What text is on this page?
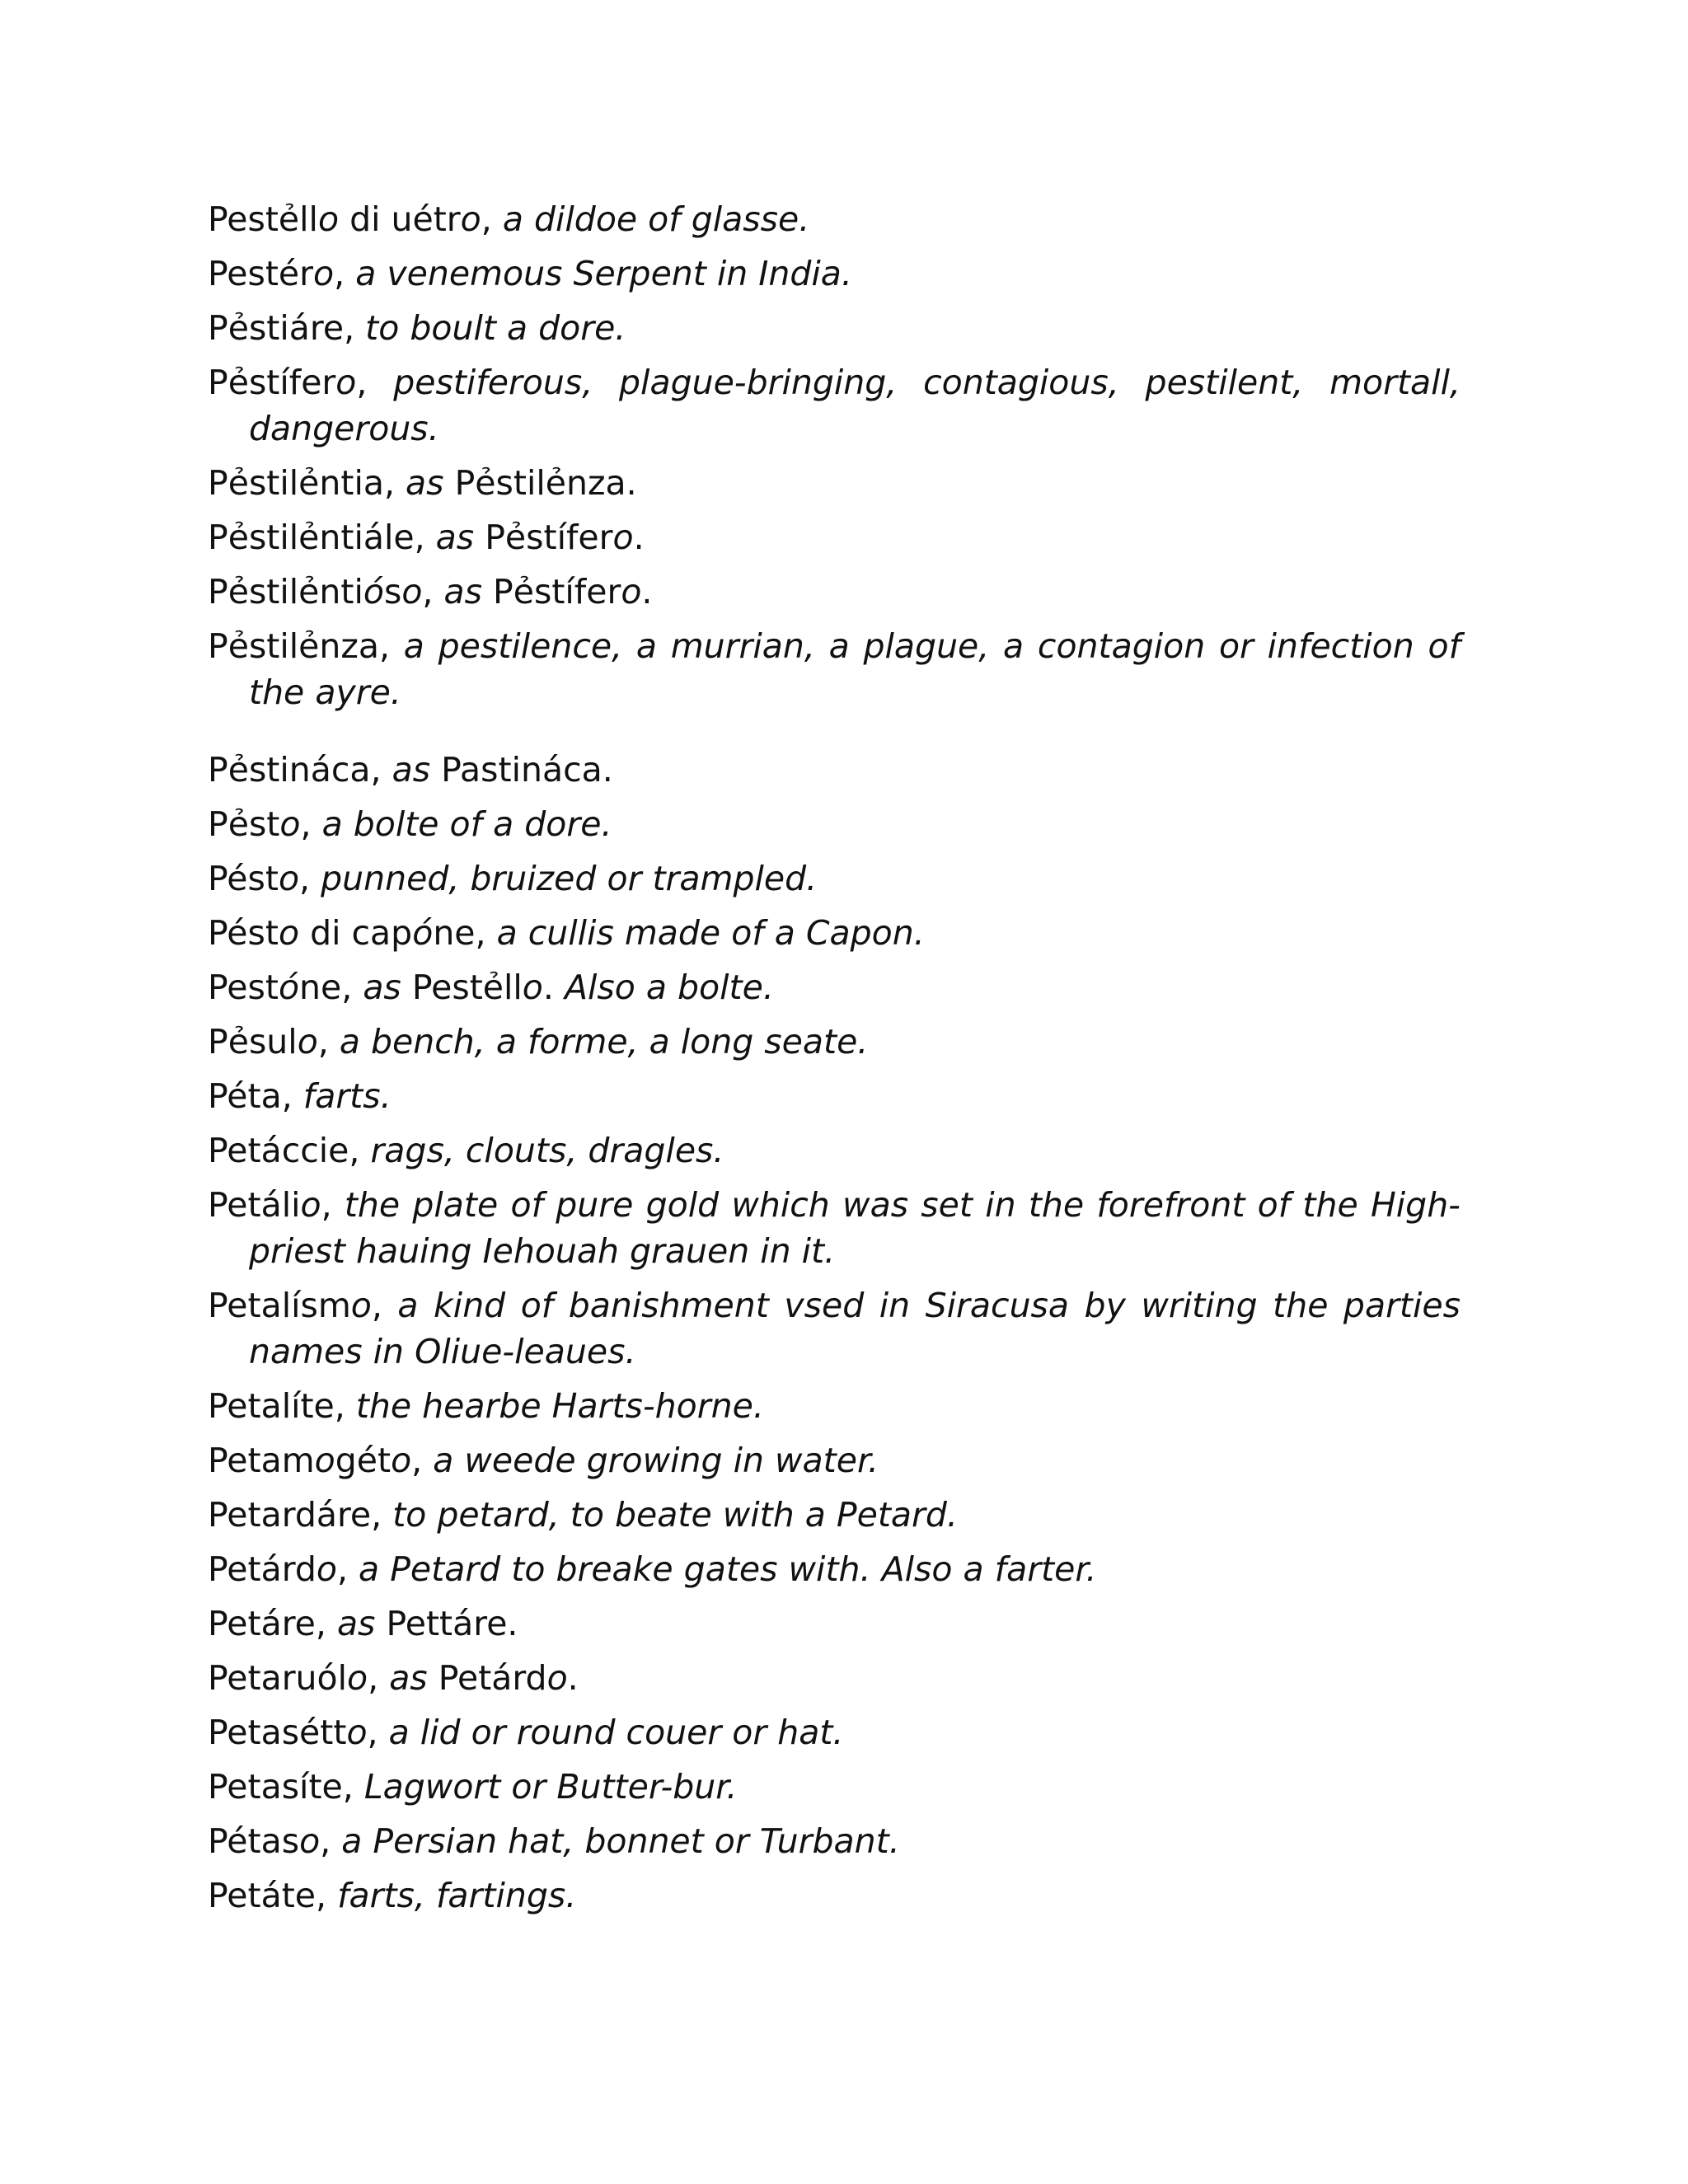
Pestẻllo di uétro, a dildoe of glasse.

Pestéro, a venemous Serpent in India.

Pẻstiáre, to boult a dore.

Pẻstífero, pestiferous, plague-bringing, contagious, pestilent, mortall, dangerous.

Pẻstilẻntia, as Pẻstilẻnza.

Pẻstilẻntiále, as Pẻstífero.

Pẻstilẻntióso, as Pẻstífero.

Pẻstilẻnza, a pestilence, a murrian, a plague, a contagion or infection of the ayre.

Pẻstináca, as Pastináca.

Pẻsto, a bolte of a dore.

Pésto, punned, bruized or trampled.

Pésto di capóne, a cullis made of a Capon.

Pestóne, as Pestẻllo. Also a bolte.

Pẻsulo, a bench, a forme, a long seate.

Péta, farts.

Petáccie, rags, clouts, dragles.

Petálio, the plate of pure gold which was set in the forefront of the High-priest hauing Iehouah grauen in it.

Petalísmo, a kind of banishment vsed in Siracusa by writing the parties names in Oliue-leaues.

Petalíte, the hearbe Harts-horne.

Petamogéto, a weede growing in water.

Petardáre, to petard, to beate with a Petard.

Petárdo, a Petard to breake gates with. Also a farter.

Petáre, as Pettáre.

Petaruólo, as Petárdo.

Petasétto, a lid or round couer or hat.

Petasíte, Lagwort or Butter-bur.

Pétaso, a Persian hat, bonnet or Turbant.

Petáte, farts, fartings.
